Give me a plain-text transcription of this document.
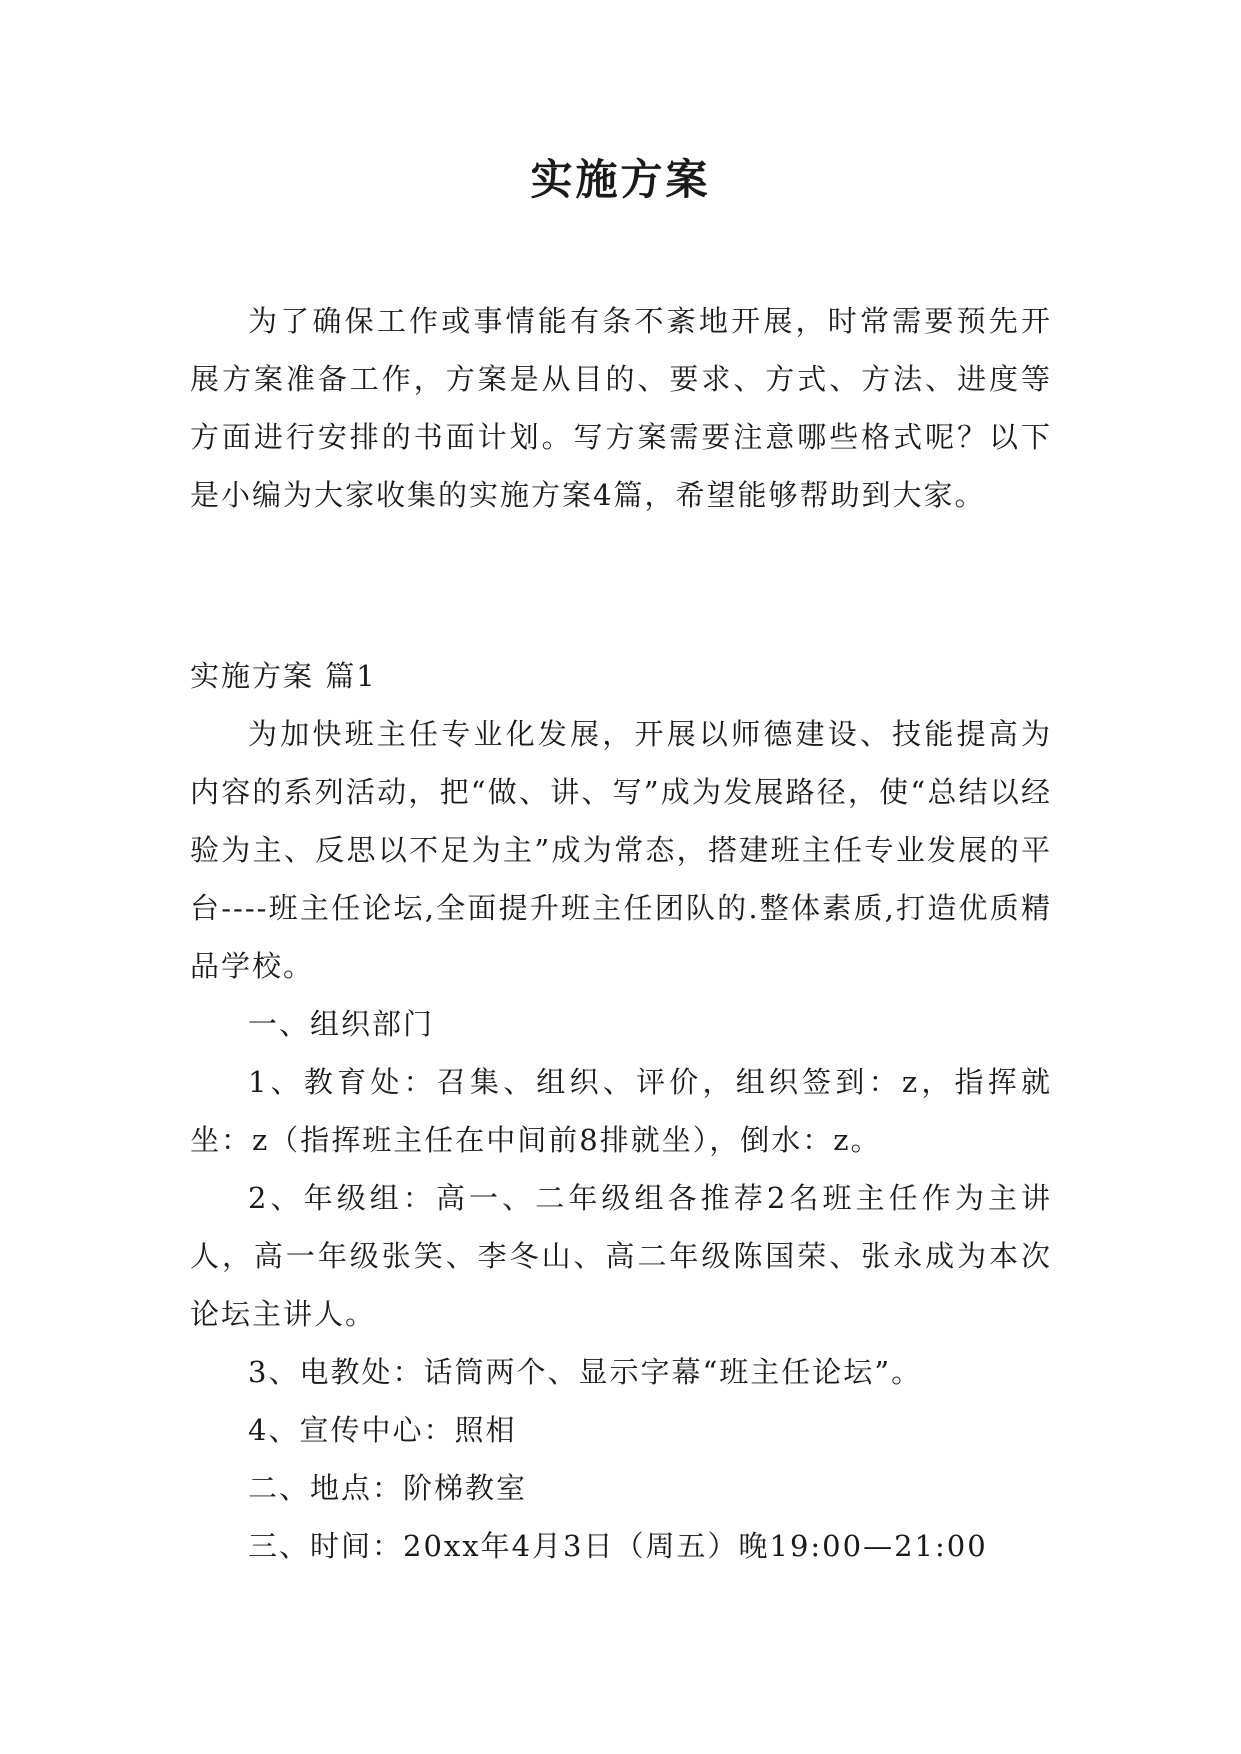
实施方案

为了确保工作或事情能有条不紊地开展，时常需要预先开展方案准备工作，方案是从目的、要求、方式、方法、进度等方面进行安排的书面计划。写方案需要注意哪些格式呢？以下是小编为大家收集的实施方案4篇，希望能够帮助到大家。

实施方案 篇1

为加快班主任专业化发展，开展以师德建设、技能提高为内容的系列活动，把“做、讲、写”成为发展路径，使“总结以经验为主、反思以不足为主”成为常态，搭建班主任专业发展的平台----班主任论坛,全面提升班主任团队的.整体素质,打造优质精品学校。

一、组织部门

1、教育处：召集、组织、评价，组织签到：z，指挥就坐：z（指挥班主任在中间前8排就坐），倒水：z。

2、年级组：高一、二年级组各推荐2名班主任作为主讲人，高一年级张笑、李冬山、高二年级陈国荣、张永成为本次论坛主讲人。

3、电教处：话筒两个、显示字幕“班主任论坛”。

4、宣传中心：照相

二、地点：阶梯教室

三、时间：20xx年4月3日（周五）晚19:00—21:00
